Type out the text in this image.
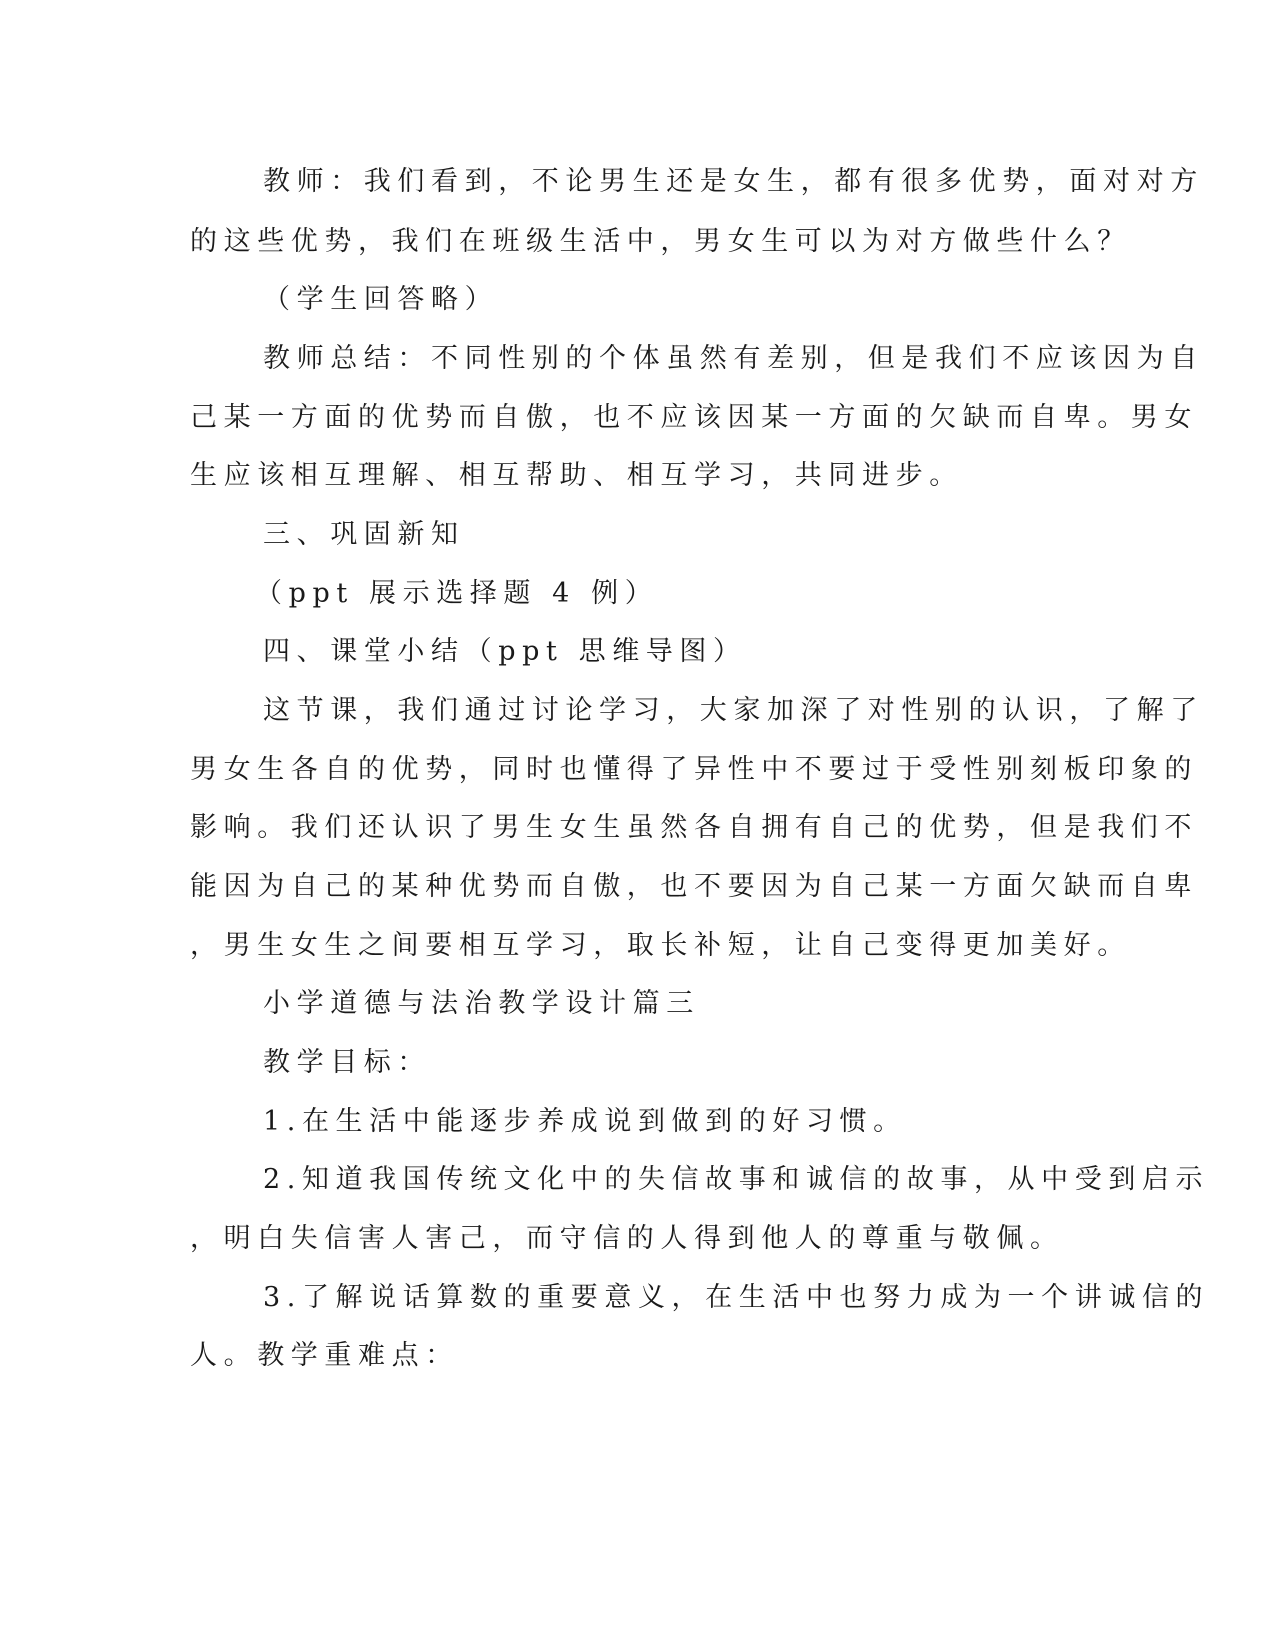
教师：我们看到，不论男生还是女生，都有很多优势，面对对方
的这些优势，我们在班级生活中，男女生可以为对方做些什么？
（学生回答略）
教师总结：不同性别的个体虽然有差别，但是我们不应该因为自
己某一方面的优势而自傲，也不应该因某一方面的欠缺而自卑。男女
生应该相互理解、相互帮助、相互学习，共同进步。
三、巩固新知
（ppt 展示选择题 4 例）
四、课堂小结（ppt 思维导图）
这节课，我们通过讨论学习，大家加深了对性别的认识，了解了
男女生各自的优势，同时也懂得了异性中不要过于受性别刻板印象的
影响。我们还认识了男生女生虽然各自拥有自己的优势，但是我们不
能因为自己的某种优势而自傲，也不要因为自己某一方面欠缺而自卑
，男生女生之间要相互学习，取长补短，让自己变得更加美好。
小学道德与法治教学设计篇三
教学目标：
1.在生活中能逐步养成说到做到的好习惯。
2.知道我国传统文化中的失信故事和诚信的故事，从中受到启示
，明白失信害人害己，而守信的人得到他人的尊重与敬佩。
3.了解说话算数的重要意义，在生活中也努力成为一个讲诚信的
人。教学重难点：
